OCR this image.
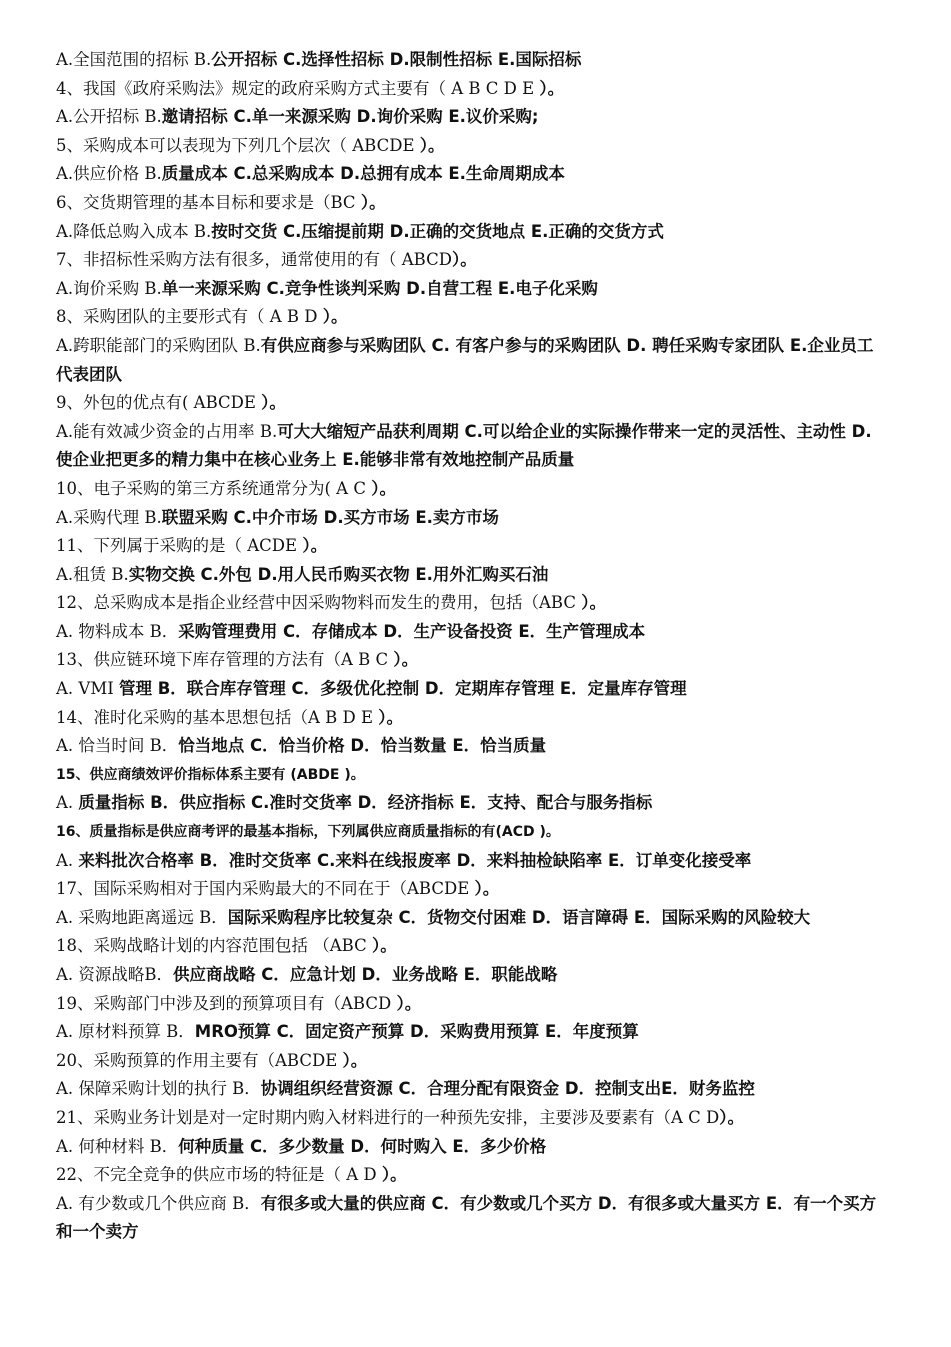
A.全国范围的招标 B.公开招标 C.选择性招标 D.限制性招标 E.国际招标

4、我国《政府采购法》规定的政府采购方式主要有（ A B C D E ）。

A.公开招标 B.邀请招标 C.单一来源采购 D.询价采购 E.议价采购;

5、采购成本可以表现为下列几个层次（ ABCDE ）。

A.供应价格 B.质量成本 C.总采购成本 D.总拥有成本 E.生命周期成本

6、交货期管理的基本目标和要求是（BC ）。

A.降低总购入成本 B.按时交货 C.压缩提前期 D.正确的交货地点 E.正确的交货方式

7、非招标性采购方法有很多，通常使用的有（ ABCD）。

A.询价采购 B.单一来源采购 C.竞争性谈判采购 D.自营工程 E.电子化采购

8、采购团队的主要形式有（ A B D ）。

A.跨职能部门的采购团队 B.有供应商参与采购团队 C. 有客户参与的采购团队 D. 聘任采购专家团队 E.企业员工代表团队

9、外包的优点有( ABCDE ）。

A.能有效减少资金的占用率 B.可大大缩短产品获利周期 C.可以给企业的实际操作带来一定的灵活性、主动性 D.使企业把更多的精力集中在核心业务上 E.能够非常有效地控制产品质量

10、电子采购的第三方系统通常分为( A C ）。

A.采购代理 B.联盟采购 C.中介市场 D.买方市场 E.卖方市场

11、下列属于采购的是（ ACDE ）。

A.租赁 B.实物交换 C.外包 D.用人民币购买衣物 E.用外汇购买石油

12、总采购成本是指企业经营中因采购物料而发生的费用，包括（ABC ）。

A. 物料成本 B．采购管理费用 C．存储成本 D．生产设备投资 E．生产管理成本

13、供应链环境下库存管理的方法有（A B C ）。

A. VMI 管理 B．联合库存管理 C．多级优化控制 D．定期库存管理 E．定量库存管理

14、准时化采购的基本思想包括（A B D E ）。

A. 恰当时间 B．恰当地点 C．恰当价格 D．恰当数量 E．恰当质量

15、供应商绩效评价指标体系主要有 (ABDE )。

A. 质量指标 B．供应指标 C.准时交货率 D．经济指标 E．支持、配合与服务指标

16、质量指标是供应商考评的最基本指标，下列属供应商质量指标的有(ACD )。

A. 来料批次合格率 B．准时交货率 C.来料在线报废率 D．来料抽检缺陷率 E．订单变化接受率

17、国际采购相对于国内采购最大的不同在于（ABCDE ）。

A. 采购地距离遥远 B．国际采购程序比较复杂 C．货物交付困难 D．语言障碍 E．国际采购的风险较大

18、采购战略计划的内容范围包括 （ABC ）。

A. 资源战略B．供应商战略 C．应急计划 D．业务战略 E．职能战略

19、采购部门中涉及到的预算项目有（ABCD ）。

A. 原材料预算 B．MRO预算 C．固定资产预算 D．采购费用预算 E．年度预算

20、采购预算的作用主要有（ABCDE ）。

A. 保障采购计划的执行 B．协调组织经营资源 C．合理分配有限资金 D．控制支出E．财务监控

21、采购业务计划是对一定时期内购入材料进行的一种预先安排，主要涉及要素有（A C D）。

A. 何种材料 B．何种质量 C．多少数量 D．何时购入 E．多少价格

22、不完全竞争的供应市场的特征是（ A D ）。

A. 有少数或几个供应商 B．有很多或大量的供应商 C．有少数或几个买方 D．有很多或大量买方 E．有一个买方和一个卖方
